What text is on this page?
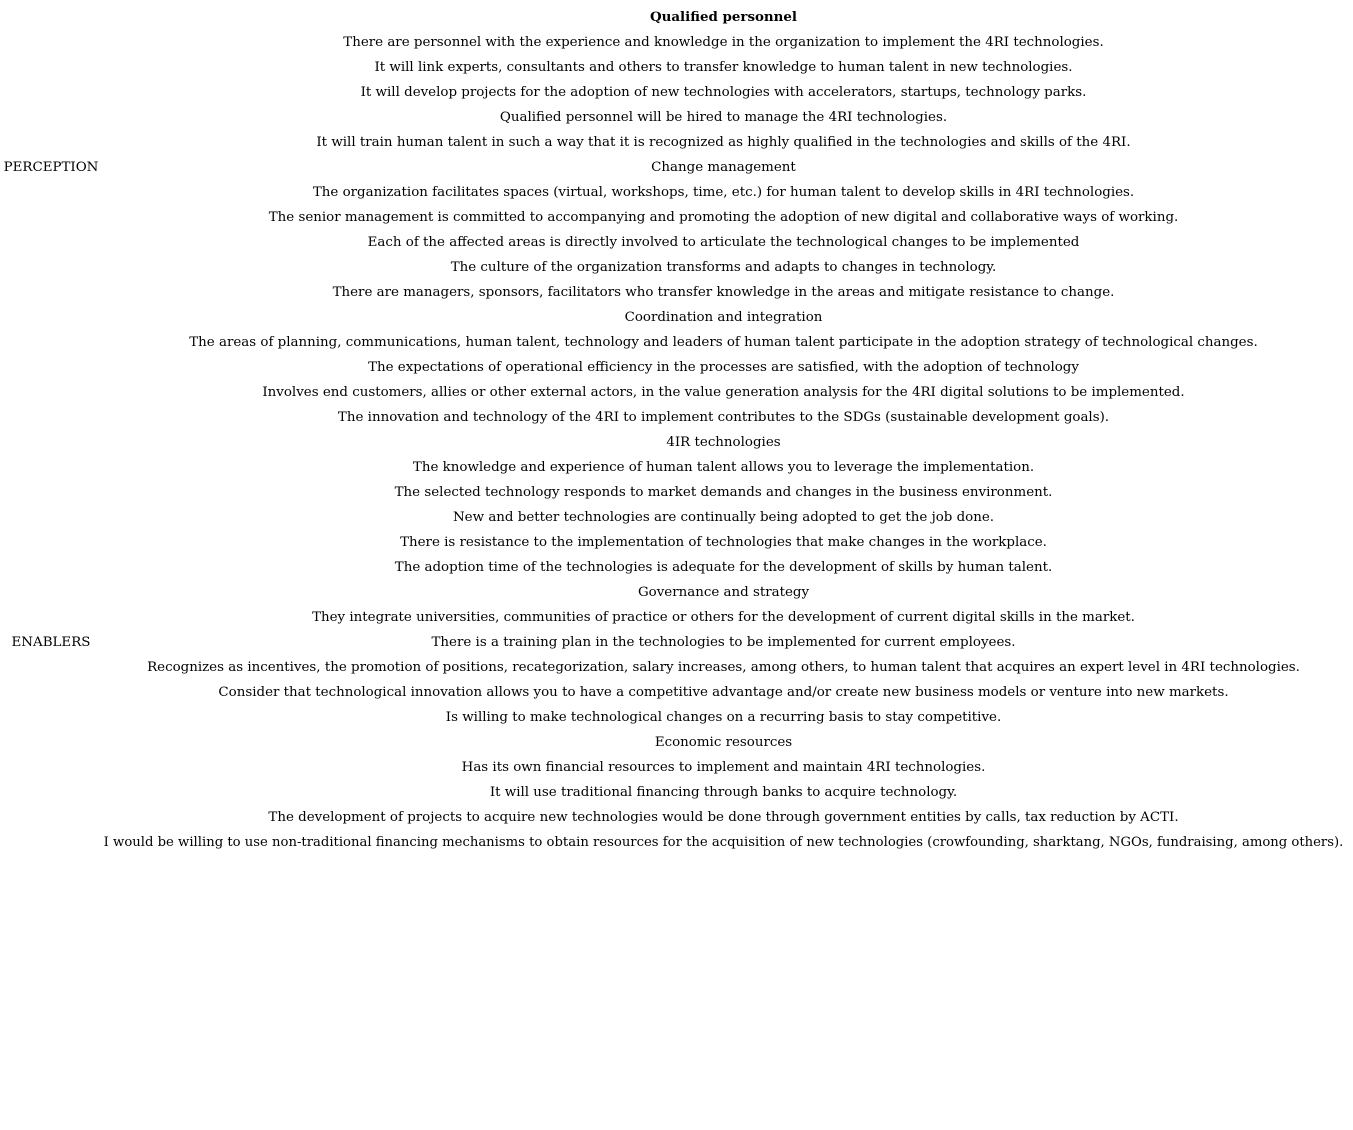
Qualified personnel
There are personnel with the experience and knowledge in the organization to implement the 4RI technologies.
It will link experts, consultants and others to transfer knowledge to human talent in new technologies.
It will develop projects for the adoption of new technologies with accelerators, startups, technology parks.
Qualified personnel will be hired to manage the 4RI technologies.
It will train human talent in such a way that it is recognized as highly qualified in the technologies and skills of the 4RI.
PERCEPTION	Change management
The organization facilitates spaces (virtual, workshops, time, etc.) for human talent to develop skills in 4RI technologies.
The senior management is committed to accompanying and promoting the adoption of new digital and collaborative ways of working.
Each of the affected areas is directly involved to articulate the technological changes to be implemented
The culture of the organization transforms and adapts to changes in technology.
There are managers, sponsors, facilitators who transfer knowledge in the areas and mitigate resistance to change.
Coordination and integration
The areas of planning, communications, human talent, technology and leaders of human talent participate in the adoption strategy of technological changes.
The expectations of operational efficiency in the processes are satisfied, with the adoption of technology
Involves end customers, allies or other external actors, in the value generation analysis for the 4RI digital solutions to be implemented.
The innovation and technology of the 4RI to implement contributes to the SDGs (sustainable development goals).
4IR technologies
The knowledge and experience of human talent allows you to leverage the implementation.
The selected technology responds to market demands and changes in the business environment.
New and better technologies are continually being adopted to get the job done.
There is resistance to the implementation of technologies that make changes in the workplace.
The adoption time of the technologies is adequate for the development of skills by human talent.
Governance and strategy
They integrate universities, communities of practice or others for the development of current digital skills in the market.
ENABLERS	There is a training plan in the technologies to be implemented for current employees.
Recognizes as incentives, the promotion of positions, recategorization, salary increases, among others, to human talent that acquires an expert level in 4RI technologies.
Consider that technological innovation allows you to have a competitive advantage and/or create new business models or venture into new markets.
Is willing to make technological changes on a recurring basis to stay competitive.
Economic resources
Has its own financial resources to implement and maintain 4RI technologies.
It will use traditional financing through banks to acquire technology.
The development of projects to acquire new technologies would be done through government entities by calls, tax reduction by ACTI.
I would be willing to use non-traditional financing mechanisms to obtain resources for the acquisition of new technologies (crowfounding, sharktang, NGOs, fundraising, among others).
